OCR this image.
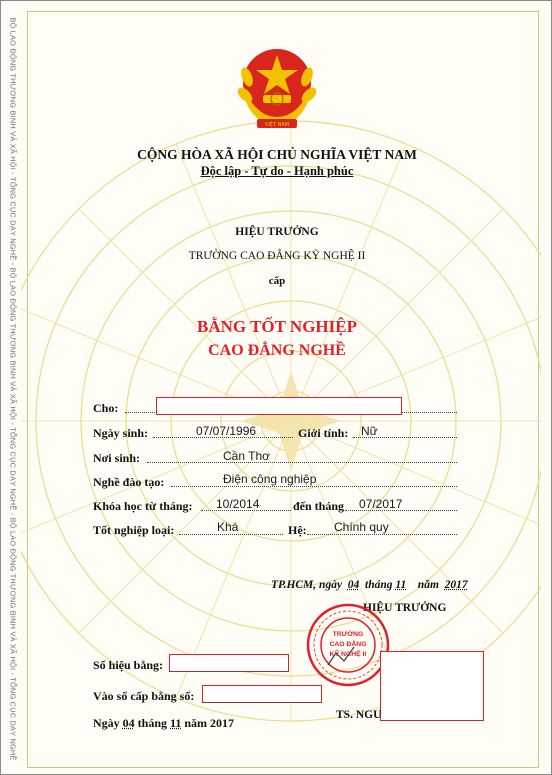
BỘ LAO ĐỘNG THƯƠNG BINH VÀ XÃ HỘI - TỔNG CỤC DẠY NGHỀ - BỘ LAO ĐỘNG THƯƠNG BINH VÀ XÃ HỘI - TỔNG CỤC DẠY NGHỀ - BỘ LAO ĐỘNG THƯƠNG BINH VÀ XÃ HỘI - TỔNG CỤC DẠY NGHỀ	VIỆT NAM
CỘNG HÒA XÃ HỘI CHỦ NGHĨA VIỆT NAM
Độc lập - Tự do - Hạnh phúc
HIỆU TRƯỞNG
TRƯỜNG CAO ĐẲNG KỸ NGHỆ II
cấp
BẰNG TỐT NGHIỆP
CAO ĐẲNG NGHỀ
Cho:
Ngày sinh:	07/07/1996	Giới tính: Nữ
Nơi sinh:	Cần Thơ
Nghề đào tạo:	Điện công nghiệp
Khóa học từ tháng: 10/2014	đến tháng 07/2017
Tốt nghiệp loại:	Khá	Hệ: Chính quy
TP.HCM, ngày 04 tháng 11 năm 2017
HIỆU TRƯỞNG
TRƯỜNG
CAO ĐẲNG
KỸ NGHỆ II
TS. NGU
Số hiệu bằng:
Vào sổ cấp bằng số:
Ngày 04 tháng 11 năm 2017
